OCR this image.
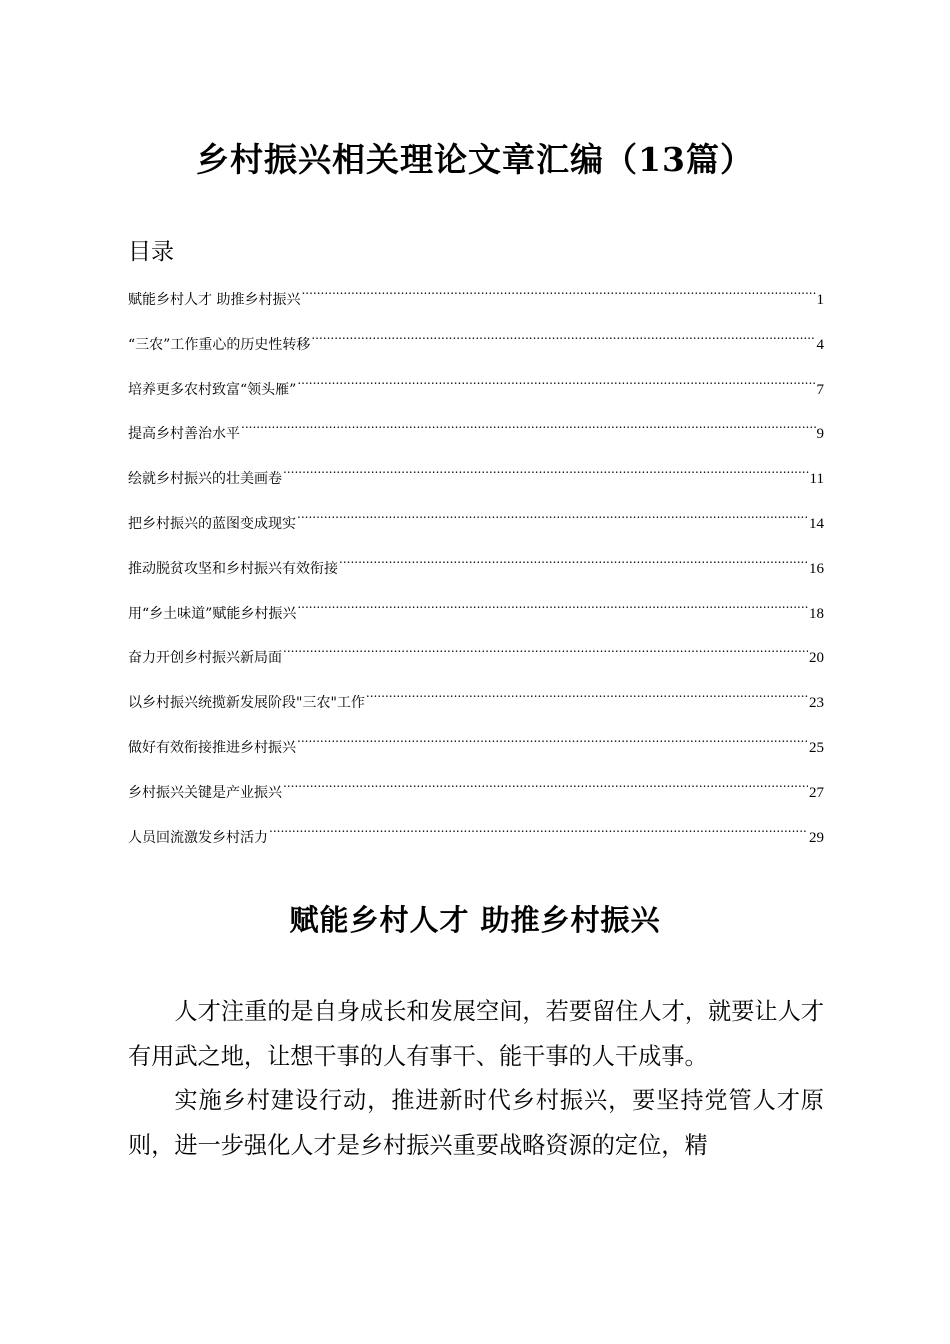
乡村振兴相关理论文章汇编（13篇）
目录
赋能乡村人才 助推乡村振兴 .....	1
“三农”工作重心的历史性转移 .....	4
培养更多农村致富“领头雁” .....	7
提高乡村善治水平 .....	9
绘就乡村振兴的壮美画卷 .....	11
把乡村振兴的蓝图变成现实 .....	14
推动脱贫攻坚和乡村振兴有效衔接 .....	16
用“乡土味道”赋能乡村振兴 .....	18
奋力开创乡村振兴新局面 .....	20
以乡村振兴统揽新发展阶段"三农"工作 .....	23
做好有效衔接推进乡村振兴 .....	25
乡村振兴关键是产业振兴 .....	27
人员回流激发乡村活力 .....	29
赋能乡村人才 助推乡村振兴

人才注重的是自身成长和发展空间，若要留住人才，就要让人才有用武之地，让想干事的人有事干、能干事的人干成事。

实施乡村建设行动，推进新时代乡村振兴，要坚持党管人才原则，进一步强化人才是乡村振兴重要战略资源的定位，精
